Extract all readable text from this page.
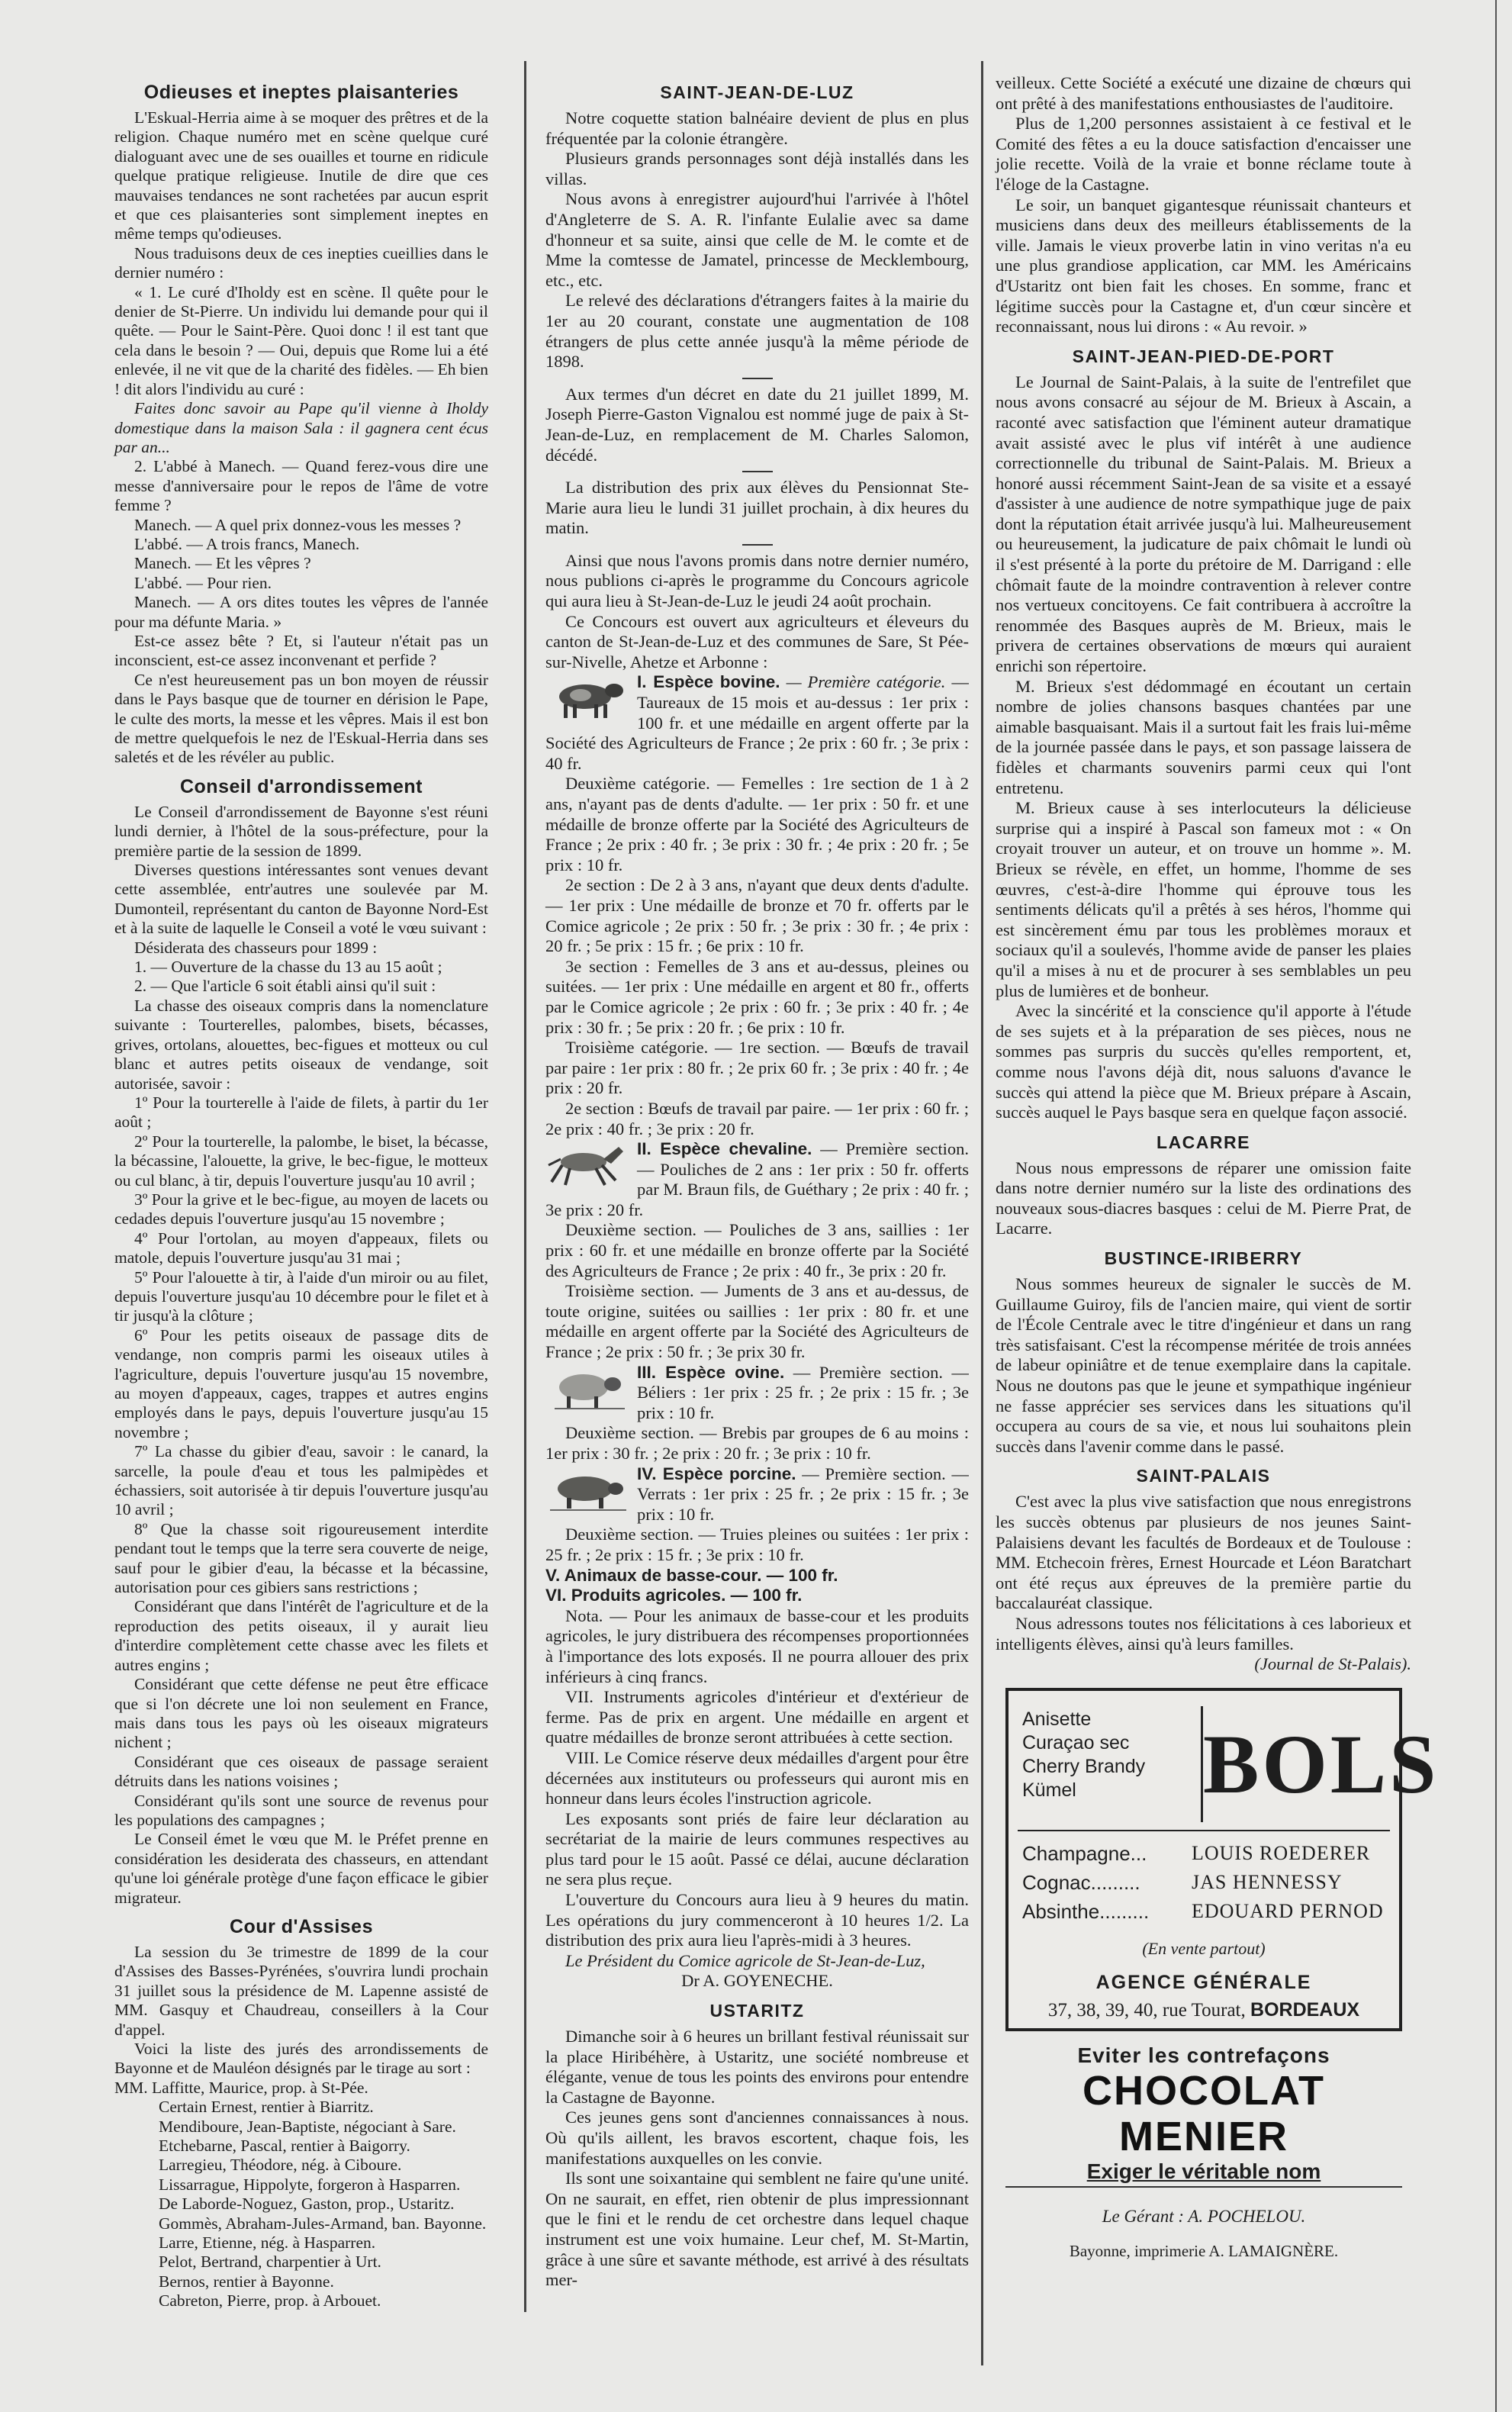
Odieuses et ineptes plaisanteries

L'Eskual-Herria aime à se moquer des prêtres et de la religion. Chaque numéro met en scène quelque curé dialoguant avec une de ses ouailles et tourne en ridicule quelque pratique religieuse. Inutile de dire que ces mauvaises tendances ne sont rachetées par aucun esprit et que ces plaisanteries sont simplement ineptes en même temps qu'odieuses.

Nous traduisons deux de ces inepties cueillies dans le dernier numéro :

« 1. Le curé d'Iholdy est en scène. Il quête pour le denier de St-Pierre. Un individu lui demande pour qui il quête. — Pour le Saint-Père. Quoi donc ! il est tant que cela dans le besoin ? — Oui, depuis que Rome lui a été enlevée, il ne vit que de la charité des fidèles. — Eh bien ! dit alors l'individu au curé :

Faites donc savoir au Pape qu'il vienne à Iholdy domestique dans la maison Sala : il gagnera cent écus par an...

2. L'abbé à Manech. — Quand ferez-vous dire une messe d'anniversaire pour le repos de l'âme de votre femme ?

Manech. — A quel prix donnez-vous les messes ?

L'abbé. — A trois francs, Manech.

Manech. — Et les vêpres ?

L'abbé. — Pour rien.

Manech. — A ors dites toutes les vêpres de l'année pour ma défunte Maria. »

Est-ce assez bête ? Et, si l'auteur n'était pas un inconscient, est-ce assez inconvenant et perfide ?

Ce n'est heureusement pas un bon moyen de réussir dans le Pays basque que de tourner en dérision le Pape, le culte des morts, la messe et les vêpres. Mais il est bon de mettre quelquefois le nez de l'Eskual-Herria dans ses saletés et de les révéler au public.

Conseil d'arrondissement

Le Conseil d'arrondissement de Bayonne s'est réuni lundi dernier, à l'hôtel de la sous-préfecture, pour la première partie de la session de 1899.

Diverses questions intéressantes sont venues devant cette assemblée, entr'autres une soulevée par M. Dumonteil, représentant du canton de Bayonne Nord-Est et à la suite de laquelle le Conseil a voté le vœu suivant :

Désiderata des chasseurs pour 1899 :

1. — Ouverture de la chasse du 13 au 15 août ;

2. — Que l'article 6 soit établi ainsi qu'il suit :

La chasse des oiseaux compris dans la nomenclature suivante : Tourterelles, palombes, bisets, bécasses, grives, ortolans, alouettes, bec-figues et motteux ou cul blanc et autres petits oiseaux de vendange, soit autorisée, savoir :

1º Pour la tourterelle à l'aide de filets, à partir du 1er août ;

2º Pour la tourterelle, la palombe, le biset, la bécasse, la bécassine, l'alouette, la grive, le bec-figue, le motteux ou cul blanc, à tir, depuis l'ouverture jusqu'au 10 avril ;

3º Pour la grive et le bec-figue, au moyen de lacets ou cedades depuis l'ouverture jusqu'au 15 novembre ;

4º Pour l'ortolan, au moyen d'appeaux, filets ou matole, depuis l'ouverture jusqu'au 31 mai ;

5º Pour l'alouette à tir, à l'aide d'un miroir ou au filet, depuis l'ouverture jusqu'au 10 décembre pour le filet et à tir jusqu'à la clôture ;

6º Pour les petits oiseaux de passage dits de vendange, non compris parmi les oiseaux utiles à l'agriculture, depuis l'ouverture jusqu'au 15 novembre, au moyen d'appeaux, cages, trappes et autres engins employés dans le pays, depuis l'ouverture jusqu'au 15 novembre ;

7º La chasse du gibier d'eau, savoir : le canard, la sarcelle, la poule d'eau et tous les palmipèdes et échassiers, soit autorisée à tir depuis l'ouverture jusqu'au 10 avril ;

8º Que la chasse soit rigoureusement interdite pendant tout le temps que la terre sera couverte de neige, sauf pour le gibier d'eau, la bécasse et la bécassine, autorisation pour ces gibiers sans restrictions ;

Considérant que dans l'intérêt de l'agriculture et de la reproduction des petits oiseaux, il y aurait lieu d'interdire complètement cette chasse avec les filets et autres engins ;

Considérant que cette défense ne peut être efficace que si l'on décrete une loi non seulement en France, mais dans tous les pays où les oiseaux migrateurs nichent ;

Considérant que ces oiseaux de passage seraient détruits dans les nations voisines ;

Considérant qu'ils sont une source de revenus pour les populations des campagnes ;

Le Conseil émet le vœu que M. le Préfet prenne en considération les desiderata des chasseurs, en attendant qu'une loi générale protège d'une façon efficace le gibier migrateur.

Cour d'Assises

La session du 3e trimestre de 1899 de la cour d'Assises des Basses-Pyrénées, s'ouvrira lundi prochain 31 juillet sous la présidence de M. Lapenne assisté de MM. Gasquy et Chaudreau, conseillers à la Cour d'appel.

Voici la liste des jurés des arrondissements de Bayonne et de Mauléon désignés par le tirage au sort :

MM. Laffitte, Maurice, prop. à St-Pée.

Certain Ernest, rentier à Biarritz.

Mendiboure, Jean-Baptiste, négociant à Sare.

Etchebarne, Pascal, rentier à Baigorry.

Larregieu, Théodore, nég. à Ciboure.

Lissarrague, Hippolyte, forgeron à Hasparren.

De Laborde-Noguez, Gaston, prop., Ustaritz.

Gommès, Abraham-Jules-Armand, ban. Bayonne.

Larre, Etienne, nég. à Hasparren.

Pelot, Bertrand, charpentier à Urt.

Bernos, rentier à Bayonne.

Cabreton, Pierre, prop. à Arbouet.

SAINT-JEAN-DE-LUZ

Notre coquette station balnéaire devient de plus en plus fréquentée par la colonie étrangère.

Plusieurs grands personnages sont déjà installés dans les villas.

Nous avons à enregistrer aujourd'hui l'arrivée à l'hôtel d'Angleterre de S. A. R. l'infante Eulalie avec sa dame d'honneur et sa suite, ainsi que celle de M. le comte et de Mme la comtesse de Jamatel, princesse de Mecklembourg, etc., etc.

Le relevé des déclarations d'étrangers faites à la mairie du 1er au 20 courant, constate une augmentation de 108 étrangers de plus cette année jusqu'à la même période de 1898.

Aux termes d'un décret en date du 21 juillet 1899, M. Joseph Pierre-Gaston Vignalou est nommé juge de paix à St-Jean-de-Luz, en remplacement de M. Charles Salomon, décédé.

La distribution des prix aux élèves du Pensionnat Ste-Marie aura lieu le lundi 31 juillet prochain, à dix heures du matin.

Ainsi que nous l'avons promis dans notre dernier numéro, nous publions ci-après le programme du Concours agricole qui aura lieu à St-Jean-de-Luz le jeudi 24 août prochain.

Ce Concours est ouvert aux agriculteurs et éleveurs du canton de St-Jean-de-Luz et des communes de Sare, St Pée-sur-Nivelle, Ahetze et Arbonne :

I. Espèce bovine. — Première catégorie. — Taureaux de 15 mois et au-dessus : 1er prix : 100 fr. et une médaille en argent offerte par la Société des Agriculteurs de France ; 2e prix : 60 fr. ; 3e prix : 40 fr.

Deuxième catégorie. — Femelles : 1re section de 1 à 2 ans, n'ayant pas de dents d'adulte. — 1er prix : 50 fr. et une médaille de bronze offerte par la Société des Agriculteurs de France ; 2e prix : 40 fr. ; 3e prix : 30 fr. ; 4e prix : 20 fr. ; 5e prix : 10 fr.

2e section : De 2 à 3 ans, n'ayant que deux dents d'adulte. — 1er prix : Une médaille de bronze et 70 fr. offerts par le Comice agricole ; 2e prix : 50 fr. ; 3e prix : 30 fr. ; 4e prix : 20 fr. ; 5e prix : 15 fr. ; 6e prix : 10 fr.

3e section : Femelles de 3 ans et au-dessus, pleines ou suitées. — 1er prix : Une médaille en argent et 80 fr., offerts par le Comice agricole ; 2e prix : 60 fr. ; 3e prix : 40 fr. ; 4e prix : 30 fr. ; 5e prix : 20 fr. ; 6e prix : 10 fr.

Troisième catégorie. — 1re section. — Bœufs de travail par paire : 1er prix : 80 fr. ; 2e prix 60 fr. ; 3e prix : 40 fr. ; 4e prix : 20 fr.

2e section : Bœufs de travail par paire. — 1er prix : 60 fr. ; 2e prix : 40 fr. ; 3e prix : 20 fr.

II. Espèce chevaline. — Première section. — Pouliches de 2 ans : 1er prix : 50 fr. offerts par M. Braun fils, de Guéthary ; 2e prix : 40 fr. ; 3e prix : 20 fr.

Deuxième section. — Pouliches de 3 ans, saillies : 1er prix : 60 fr. et une médaille en bronze offerte par la Société des Agriculteurs de France ; 2e prix : 40 fr., 3e prix : 20 fr.

Troisième section. — Juments de 3 ans et au-dessus, de toute origine, suitées ou saillies : 1er prix : 80 fr. et une médaille en argent offerte par la Société des Agriculteurs de France ; 2e prix : 50 fr. ; 3e prix 30 fr.

III. Espèce ovine. — Première section. — Béliers : 1er prix : 25 fr. ; 2e prix : 15 fr. ; 3e prix : 10 fr.

Deuxième section. — Brebis par groupes de 6 au moins : 1er prix : 30 fr. ; 2e prix : 20 fr. ; 3e prix : 10 fr.

IV. Espèce porcine. — Première section. — Verrats : 1er prix : 25 fr. ; 2e prix : 15 fr. ; 3e prix : 10 fr.

Deuxième section. — Truies pleines ou suitées : 1er prix : 25 fr. ; 2e prix : 15 fr. ; 3e prix : 10 fr.

V. Animaux de basse-cour. — 100 fr.

VI. Produits agricoles. — 100 fr.

Nota. — Pour les animaux de basse-cour et les produits agricoles, le jury distribuera des récompenses proportionnées à l'importance des lots exposés. Il ne pourra allouer des prix inférieurs à cinq francs.

VII. Instruments agricoles d'intérieur et d'extérieur de ferme. Pas de prix en argent. Une médaille en argent et quatre médailles de bronze seront attribuées à cette section.

VIII. Le Comice réserve deux médailles d'argent pour être décernées aux instituteurs ou professeurs qui auront mis en honneur dans leurs écoles l'instruction agricole.

Les exposants sont priés de faire leur déclaration au secrétariat de la mairie de leurs communes respectives au plus tard pour le 15 août. Passé ce délai, aucune déclaration ne sera plus reçue.

L'ouverture du Concours aura lieu à 9 heures du matin. Les opérations du jury commenceront à 10 heures 1/2. La distribution des prix aura lieu l'après-midi à 3 heures.

Le Président du Comice agricole de St-Jean-de-Luz,

Dr A. GOYENECHE.

USTARITZ

Dimanche soir à 6 heures un brillant festival réunissait sur la place Hiribéhère, à Ustaritz, une société nombreuse et élégante, venue de tous les points des environs pour entendre la Castagne de Bayonne.

Ces jeunes gens sont d'anciennes connaissances à nous. Où qu'ils aillent, les bravos escortent, chaque fois, les manifestations auxquelles on les convie.

Ils sont une soixantaine qui semblent ne faire qu'une unité. On ne saurait, en effet, rien obtenir de plus impressionnant que le fini et le rendu de cet orchestre dans lequel chaque instrument est une voix humaine. Leur chef, M. St-Martin, grâce à une sûre et savante méthode, est arrivé à des résultats mer-

veilleux. Cette Société a exécuté une dizaine de chœurs qui ont prêté à des manifestations enthousiastes de l'auditoire.

Plus de 1,200 personnes assistaient à ce festival et le Comité des fêtes a eu la douce satisfaction d'encaisser une jolie recette. Voilà de la vraie et bonne réclame toute à l'éloge de la Castagne.

Le soir, un banquet gigantesque réunissait chanteurs et musiciens dans deux des meilleurs établissements de la ville. Jamais le vieux proverbe latin in vino veritas n'a eu une plus grandiose application, car MM. les Américains d'Ustaritz ont bien fait les choses. En somme, franc et légitime succès pour la Castagne et, d'un cœur sincère et reconnaissant, nous lui dirons : « Au revoir. »

SAINT-JEAN-PIED-DE-PORT

Le Journal de Saint-Palais, à la suite de l'entrefilet que nous avons consacré au séjour de M. Brieux à Ascain, a raconté avec satisfaction que l'éminent auteur dramatique avait assisté avec le plus vif intérêt à une audience correctionnelle du tribunal de Saint-Palais. M. Brieux a honoré aussi récemment Saint-Jean de sa visite et a essayé d'assister à une audience de notre sympathique juge de paix dont la réputation était arrivée jusqu'à lui. Malheureusement ou heureusement, la judicature de paix chômait le lundi où il s'est présenté à la porte du prétoire de M. Darrigand : elle chômait faute de la moindre contravention à relever contre nos vertueux concitoyens. Ce fait contribuera à accroître la renommée des Basques auprès de M. Brieux, mais le privera de certaines observations de mœurs qui auraient enrichi son répertoire.

M. Brieux s'est dédommagé en écoutant un certain nombre de jolies chansons basques chantées par une aimable basquaisant. Mais il a surtout fait les frais lui-même de la journée passée dans le pays, et son passage laissera de fidèles et charmants souvenirs parmi ceux qui l'ont entretenu.

M. Brieux cause à ses interlocuteurs la délicieuse surprise qui a inspiré à Pascal son fameux mot : « On croyait trouver un auteur, et on trouve un homme ». M. Brieux se révèle, en effet, un homme, l'homme de ses œuvres, c'est-à-dire l'homme qui éprouve tous les sentiments délicats qu'il a prêtés à ses héros, l'homme qui est sincèrement ému par tous les problèmes moraux et sociaux qu'il a soulevés, l'homme avide de panser les plaies qu'il a mises à nu et de procurer à ses semblables un peu plus de lumières et de bonheur.

Avec la sincérité et la conscience qu'il apporte à l'étude de ses sujets et à la préparation de ses pièces, nous ne sommes pas surpris du succès qu'elles remportent, et, comme nous l'avons déjà dit, nous saluons d'avance le succès qui attend la pièce que M. Brieux prépare à Ascain, succès auquel le Pays basque sera en quelque façon associé.

LACARRE

Nous nous empressons de réparer une omission faite dans notre dernier numéro sur la liste des ordinations des nouveaux sous-diacres basques : celui de M. Pierre Prat, de Lacarre.

BUSTINCE-IRIBERRY

Nous sommes heureux de signaler le succès de M. Guillaume Guiroy, fils de l'ancien maire, qui vient de sortir de l'École Centrale avec le titre d'ingénieur et dans un rang très satisfaisant. C'est la récompense méritée de trois années de labeur opiniâtre et de tenue exemplaire dans la capitale. Nous ne doutons pas que le jeune et sympathique ingénieur ne fasse apprécier ses services dans les situations qu'il occupera au cours de sa vie, et nous lui souhaitons plein succès dans l'avenir comme dans le passé.

SAINT-PALAIS

C'est avec la plus vive satisfaction que nous enregistrons les succès obtenus par plusieurs de nos jeunes Saint-Palaisiens devant les facultés de Bordeaux et de Toulouse : MM. Etchecoin frères, Ernest Hourcade et Léon Baratchart ont été reçus aux épreuves de la première partie du baccalauréat classique.

Nous adressons toutes nos félicitations à ces laborieux et intelligents élèves, ainsi qu'à leurs familles.

(Journal de St-Palais).

Anisette
Curaçao sec
Cherry Brandy
Kümel	BOLS
Champagne... LOUIS ROEDERER
Cognac.........	JAS HENNESSY
Absinthe......... EDOUARD PERNOD
(En vente partout)
AGENCE GÉNÉRALE
37, 38, 39, 40, rue Tourat, BORDEAUX
Eviter les contrefaçons
CHOCOLAT
MENIER
Exiger le véritable nom
Le Gérant : A. POCHELOU.
Bayonne, imprimerie A. LAMAIGNÈRE.
